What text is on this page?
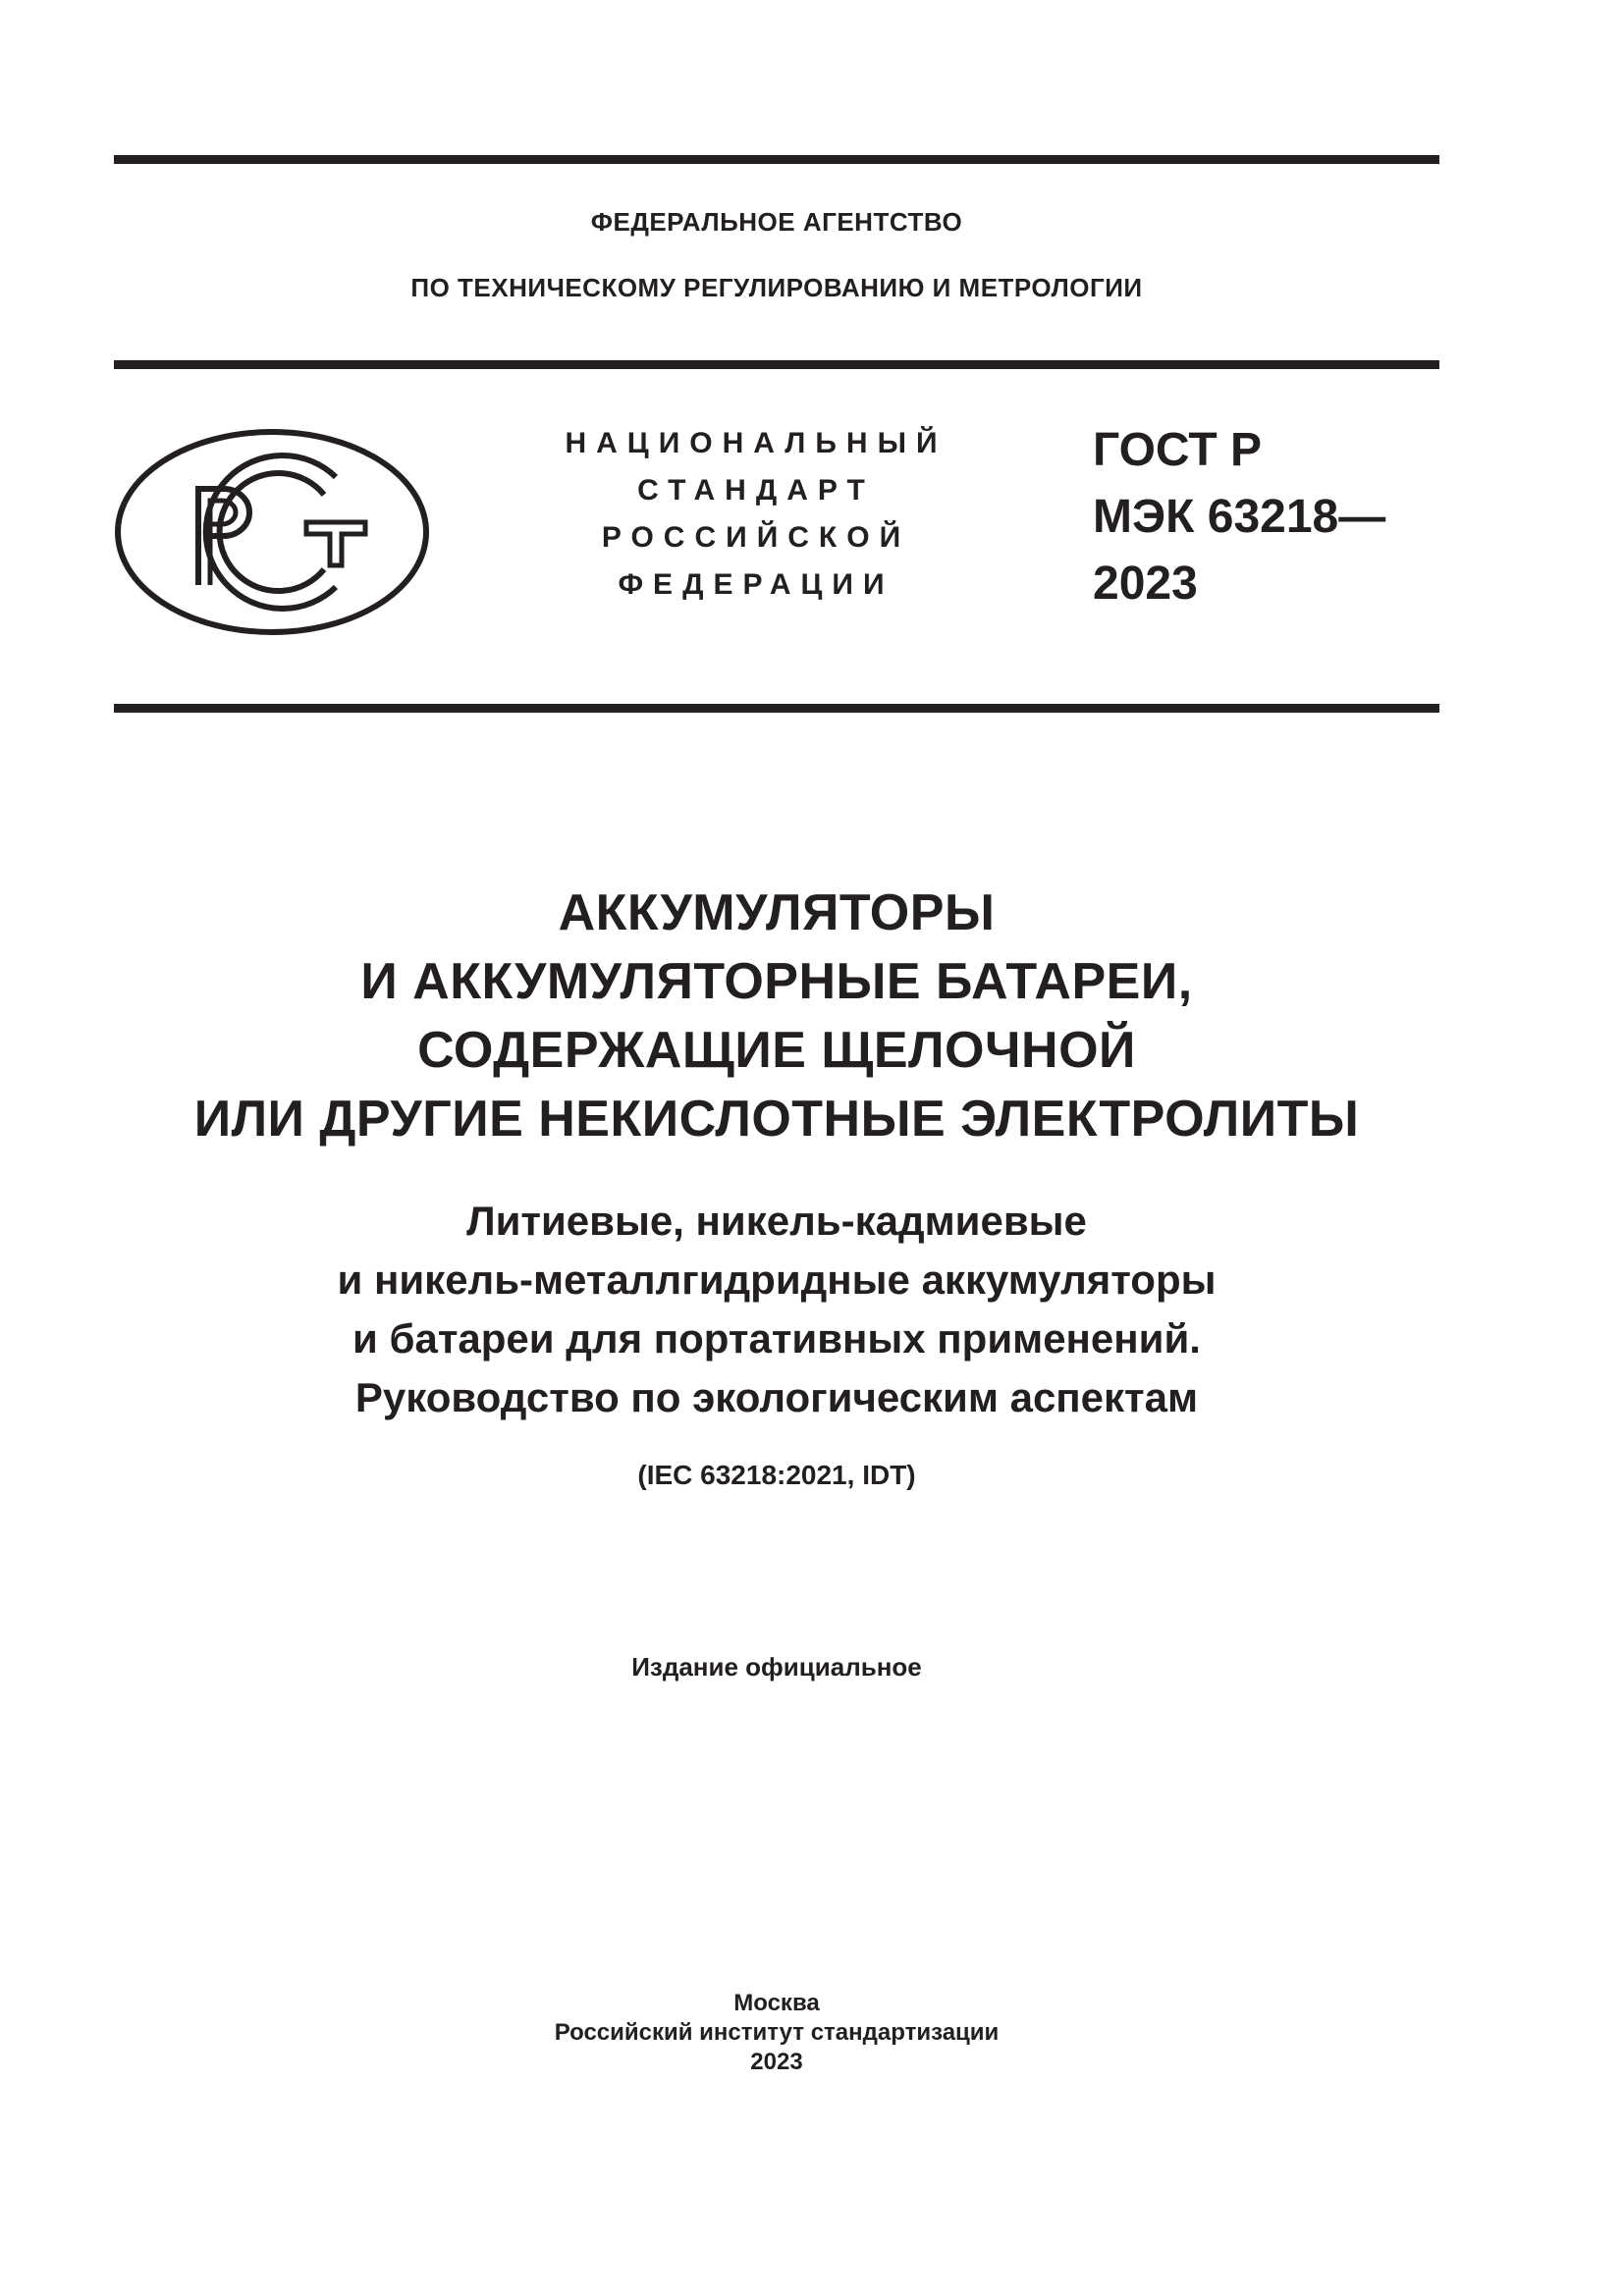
ФЕДЕРАЛЬНОЕ АГЕНТСТВО
ПО ТЕХНИЧЕСКОМУ РЕГУЛИРОВАНИЮ И МЕТРОЛОГИИ
НАЦИОНАЛЬНЫЙ
СТАНДАРТ
РОССИЙСКОЙ
ФЕДЕРАЦИИ
ГОСТ Р
МЭК 63218—
2023
АККУМУЛЯТОРЫ
И АККУМУЛЯТОРНЫЕ БАТАРЕИ,
СОДЕРЖАЩИЕ ЩЕЛОЧНОЙ
ИЛИ ДРУГИЕ НЕКИСЛОТНЫЕ ЭЛЕКТРОЛИТЫ
Литиевые, никель-кадмиевые
и никель-металлгидридные аккумуляторы
и батареи для портативных применений.
Руководство по экологическим аспектам
(IEC 63218:2021, IDT)
Издание официальное
Москва
Российский институт стандартизации
2023
